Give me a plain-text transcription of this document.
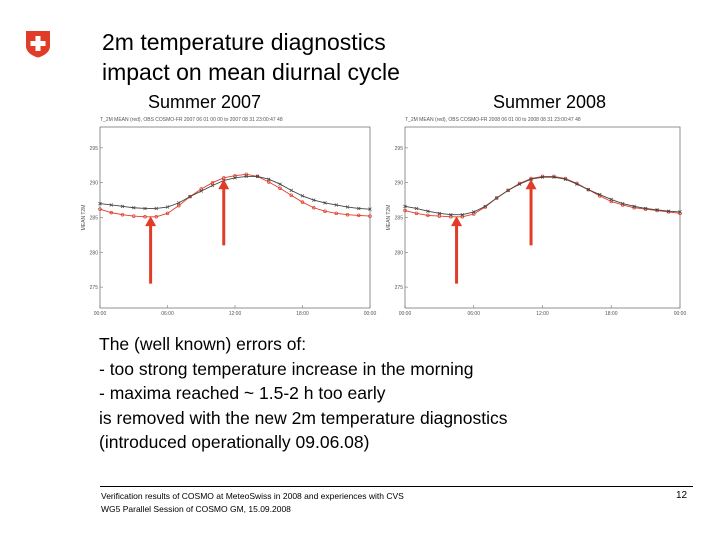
2m temperature diagnostics
impact on mean diurnal cycle
Summer 2007	Summer 2008
T_2M MEAN (red), OBS COSMO-FR 2007 06 01 00 00 to 2007 08 31 23:00:47 48
MEAN T2M
295
290
285
280
275
00:00	06:00	12:00	18:00	00:00
T_2M MEAN (red), OBS COSMO-FR 2008 06 01 00 to 2008 08 31 23:00:47 48
MEAN T2M
295
290
285
280
275
00:00	06:00	12:00	18:00	00:00
The (well known) errors of:
- too strong temperature increase in the morning
- maxima reached ~ 1.5-2 h too early
is removed with the new 2m temperature diagnostics
(introduced operationally 09.06.08)
Verification results of COSMO at MeteoSwiss in 2008 and experiences with CVS
WG5 Parallel Session of COSMO GM, 15.09.2008
12
